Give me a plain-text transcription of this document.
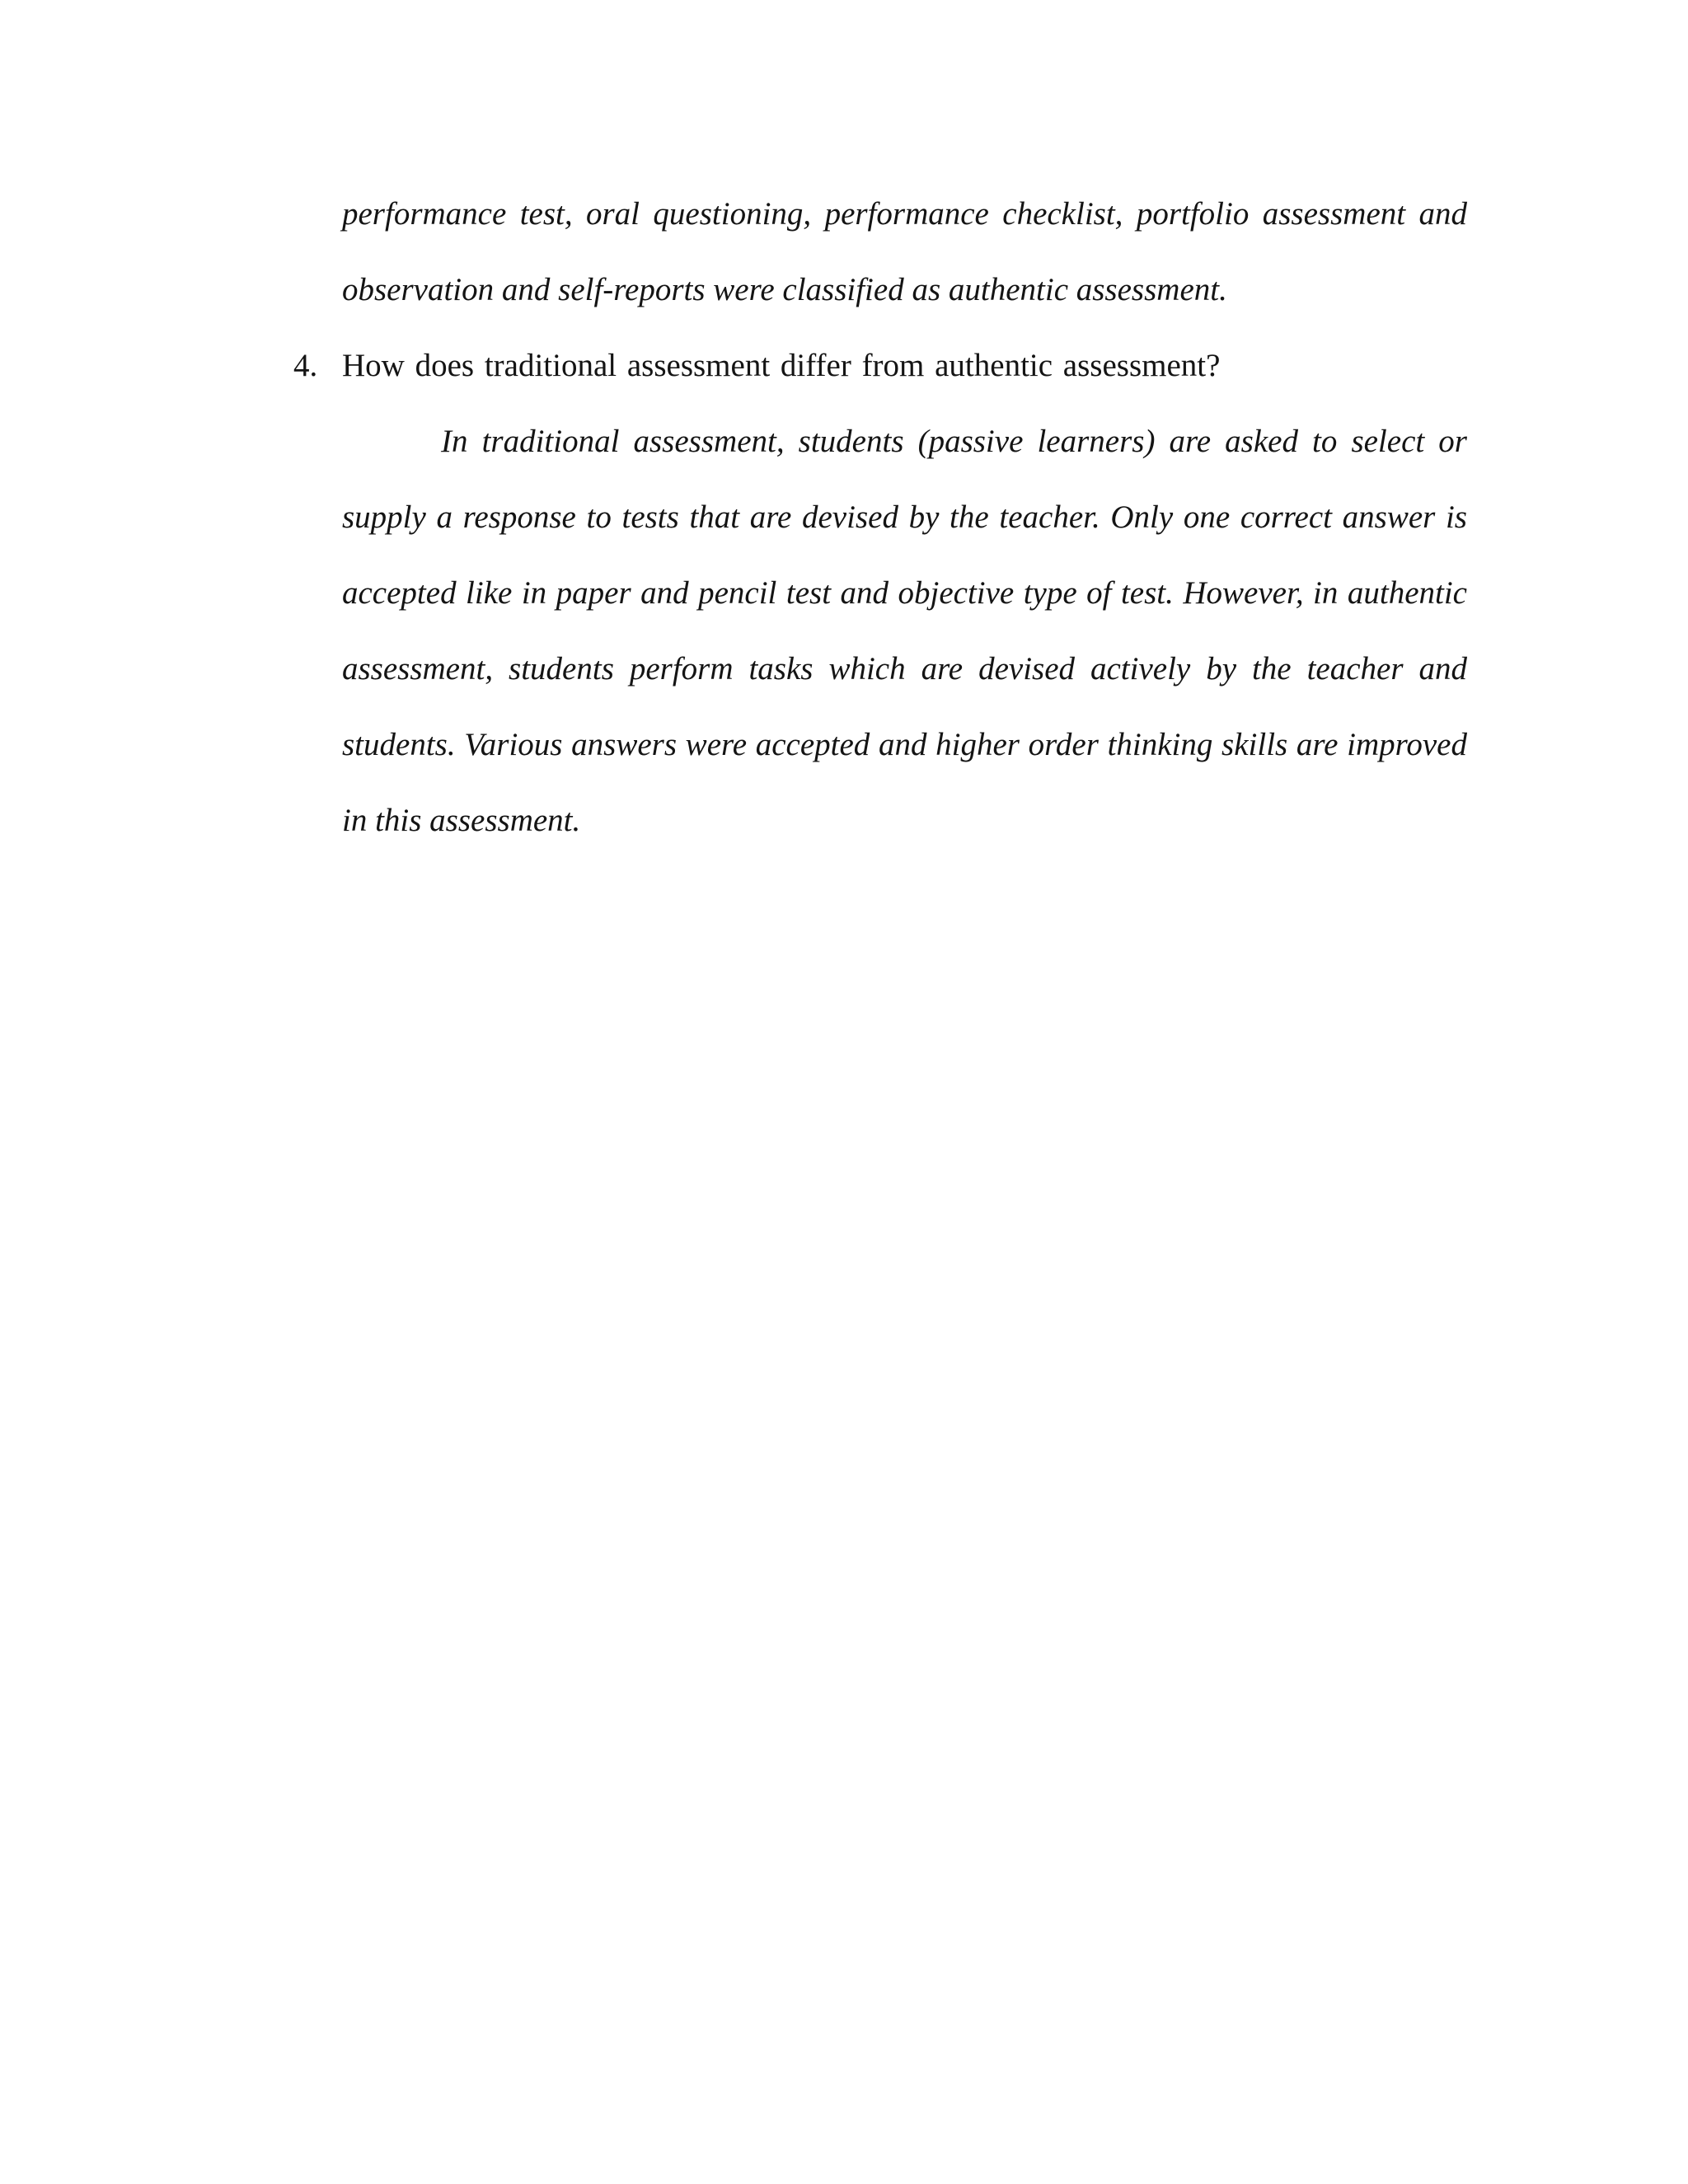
performance test, oral questioning, performance checklist, portfolio assessment and observation and self-reports were classified as authentic assessment.

4. How does traditional assessment differ from authentic assessment?

In traditional assessment, students (passive learners) are asked to select or supply a response to tests that are devised by the teacher. Only one correct answer is accepted like in paper and pencil test and objective type of test. However, in authentic assessment, students perform tasks which are devised actively by the teacher and students. Various answers were accepted and higher order thinking skills are improved in this assessment.
